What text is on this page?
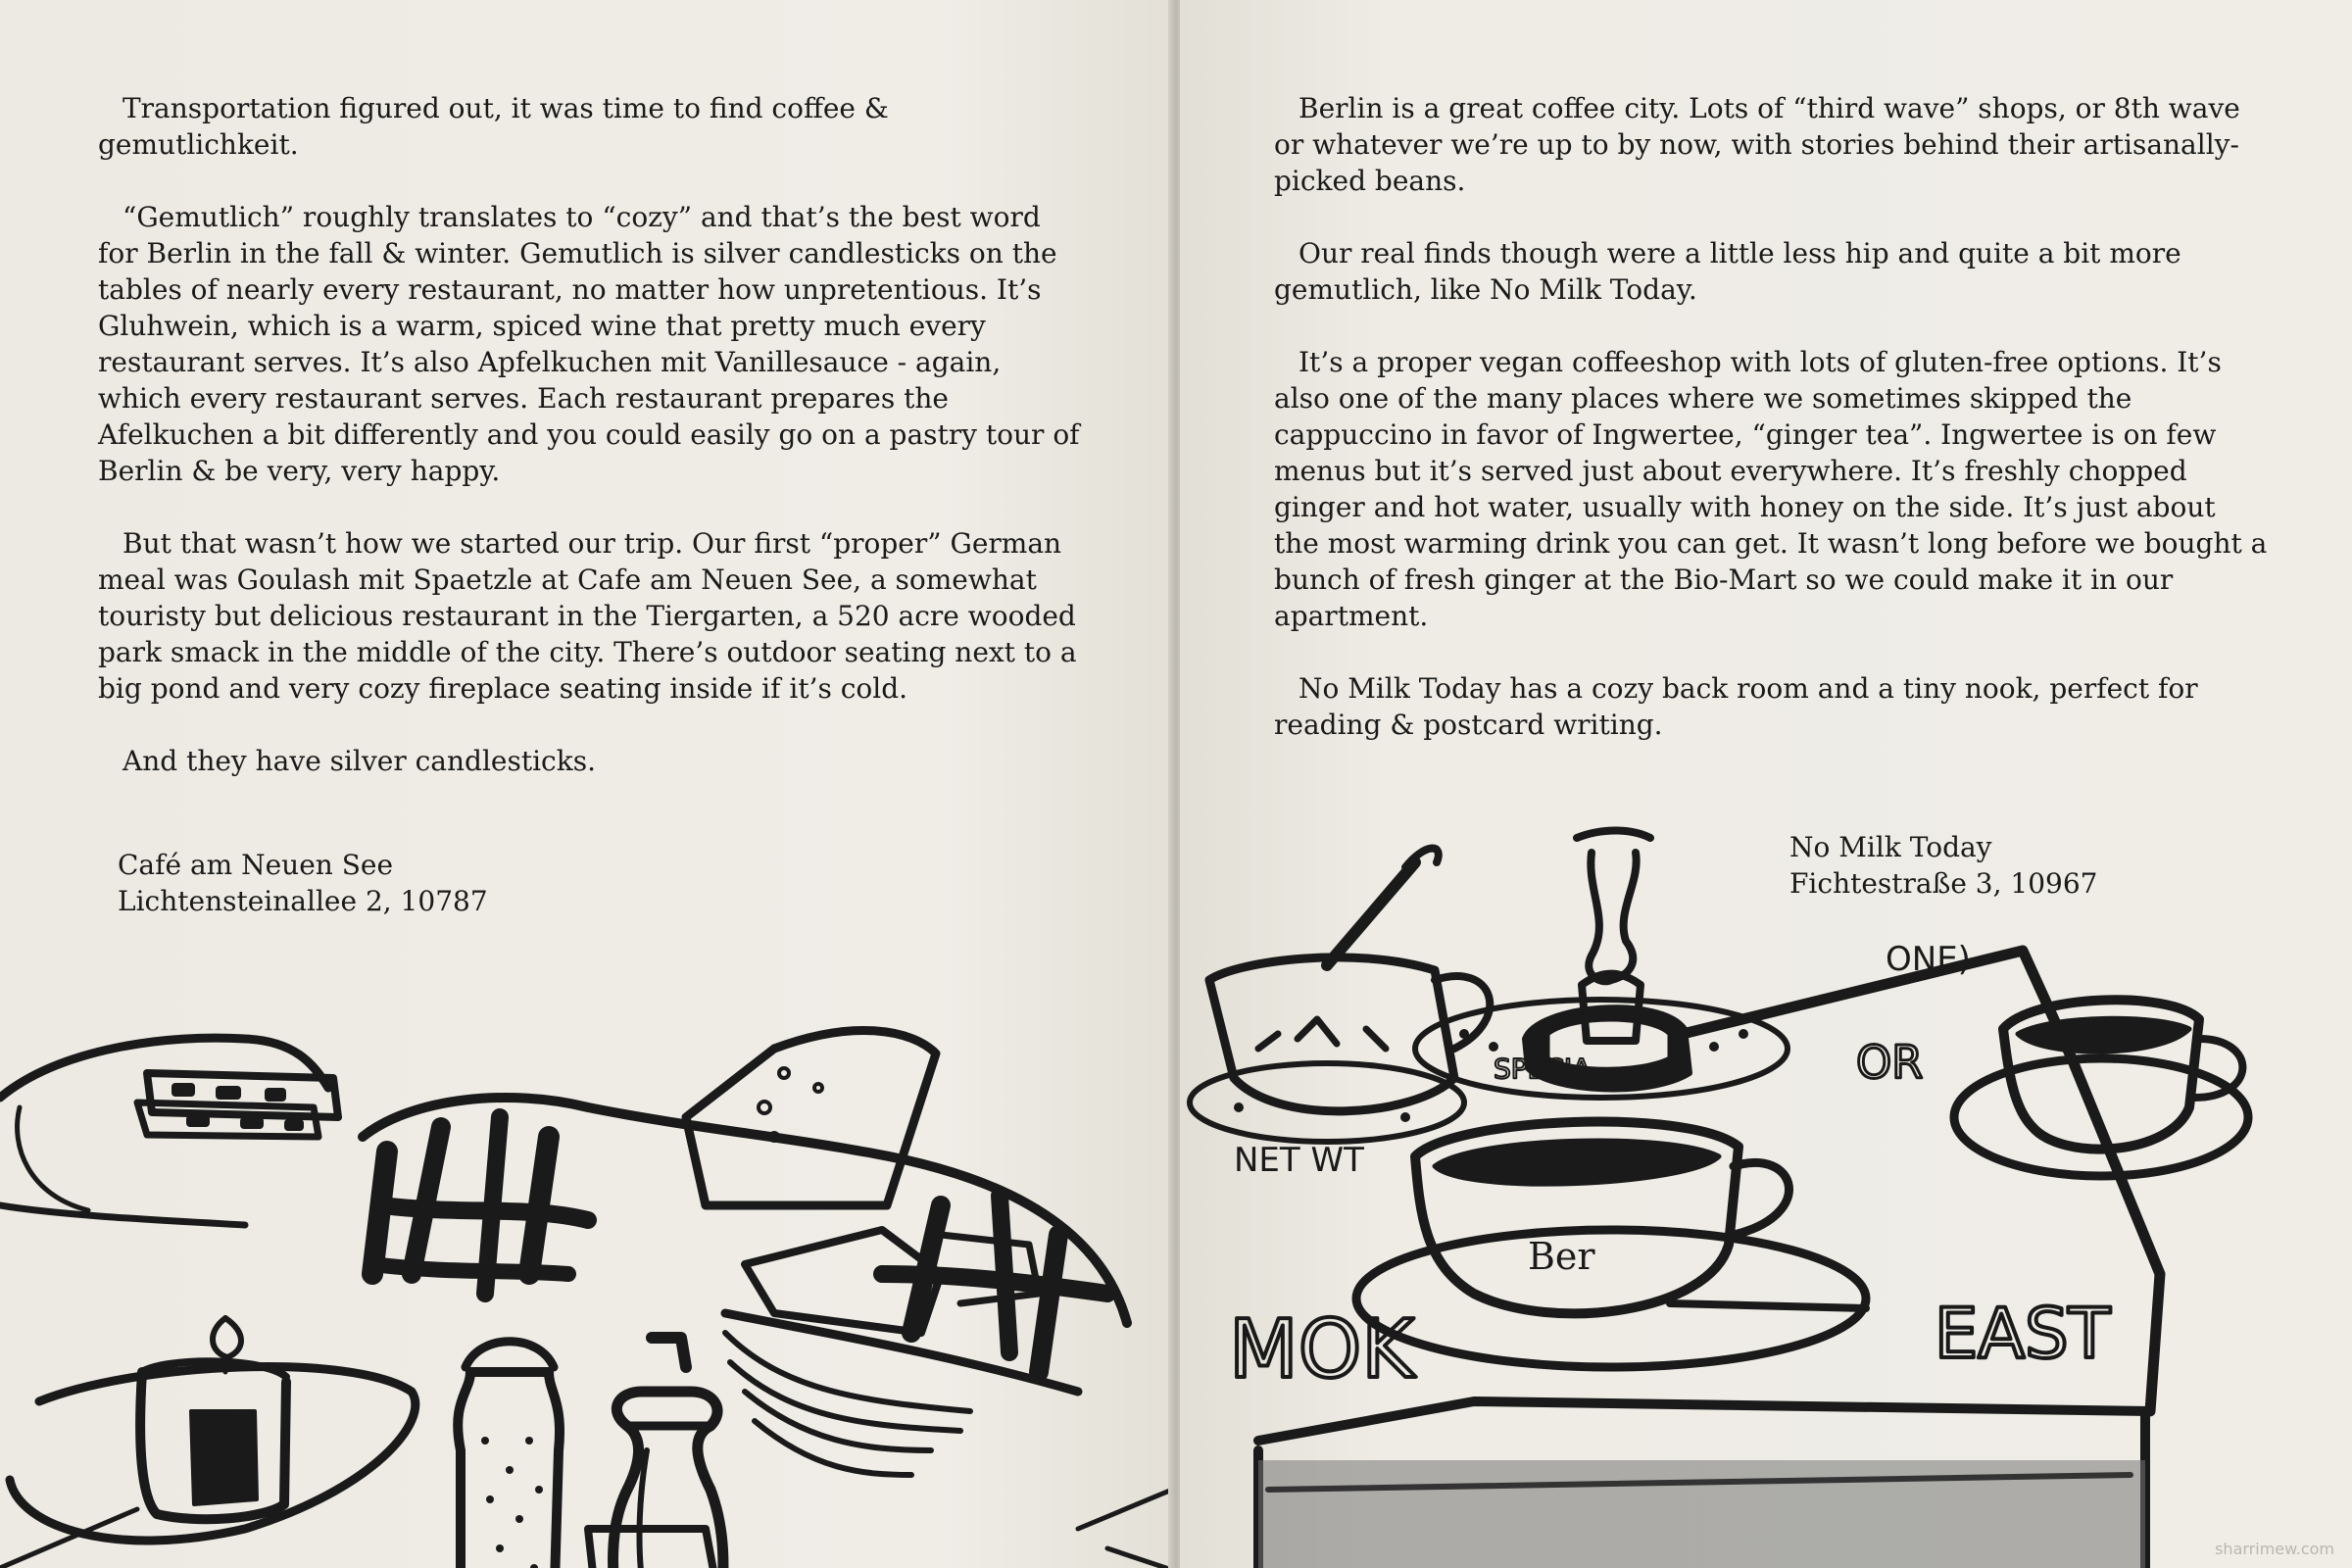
Transportation figured out, it was time to find coffee & gemutlichkeit.

“Gemutlich” roughly translates to “cozy” and that’s the best word for Berlin in the fall & winter. Gemutlich is silver candlesticks on the tables of nearly every restaurant, no matter how unpretentious. It’s Gluhwein, which is a warm, spiced wine that pretty much every restaurant serves. It’s also Apfelkuchen mit Vanillesauce - again, which every restaurant serves. Each restaurant prepares the Afelkuchen a bit differently and you could easily go on a pastry tour of Berlin & be very, very happy.

But that wasn’t how we started our trip. Our first “proper” German meal was Goulash mit Spaetzle at Cafe am Neuen See, a somewhat touristy but delicious restaurant in the Tiergarten, a 520 acre wooded park smack in the middle of the city. There’s outdoor seating next to a big pond and very cozy fireplace seating inside if it’s cold.

And they have silver candlesticks.

Café am Neuen See
Lichtensteinallee 2, 10787

Berlin is a great coffee city. Lots of “third wave” shops, or 8th wave or whatever we’re up to by now, with stories behind their artisanally-picked beans.

Our real finds though were a little less hip and quite a bit more gemutlich, like No Milk Today.

It’s a proper vegan coffeeshop with lots of gluten-free options. It’s also one of the many places where we sometimes skipped the cappuccino in favor of Ingwertee, “ginger tea”. Ingwertee is on few menus but it’s served just about everywhere. It’s freshly chopped ginger and hot water, usually with honey on the side. It’s just about the most warming drink you can get. It wasn’t long before we bought a bunch of fresh ginger at the Bio-Mart so we could make it in our apartment.

No Milk Today has a cozy back room and a tiny nook, perfect for reading & postcard writing.

No Milk Today
Fichtestraße 3, 10967
NET WT
OR
ONE)
SPECIA
MOK	EAST
Ber
sharrimew.com
